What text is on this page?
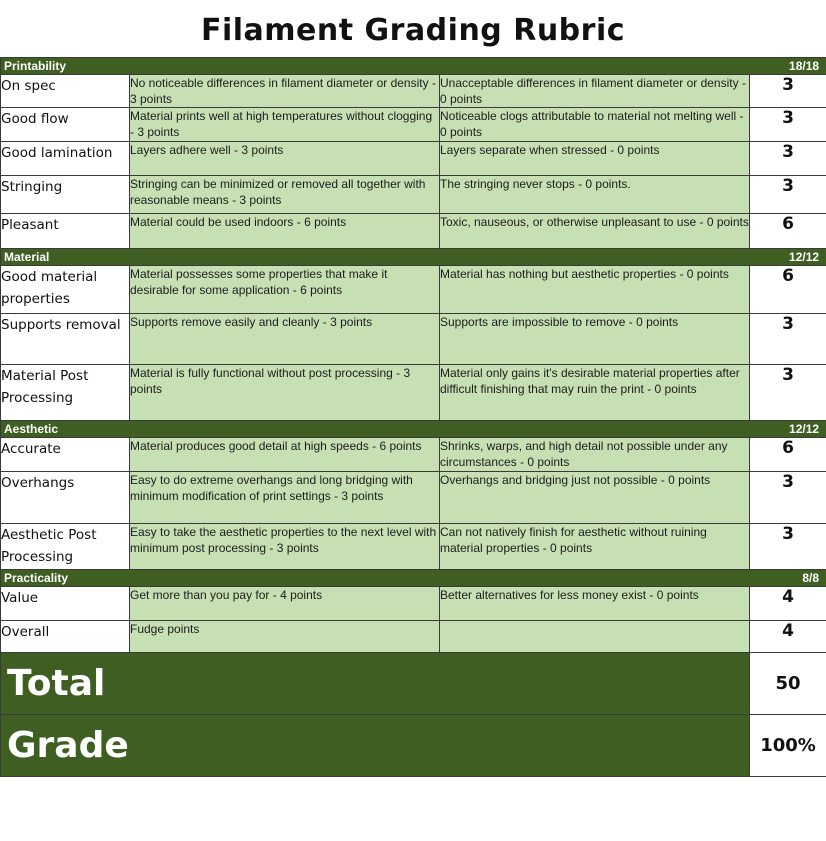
Filament Grading Rubric
Printability 18/18			

On spec	No noticeable differences in filament diameter or density - 3 points	Unacceptable differences in filament diameter or density - 0 points	3
Good flow	Material prints well at high temperatures without clogging - 3 points	Noticeable clogs attributable to material not melting well - 0 points	3
Good lamination	Layers adhere well - 3 points	Layers separate when stressed - 0 points	3
Stringing	Stringing can be minimized or removed all together with reasonable means - 3 points	The stringing never stops - 0 points.	3
Pleasant	Material could be used indoors - 6 points	Toxic, nauseous, or otherwise unpleasant to use - 0 points	6
Material 12/12			

Good material properties	Material possesses some properties that make it desirable for some application - 6 points	Material has nothing but aesthetic properties - 0 points	6
Supports removal	Supports remove easily and cleanly - 3 points	Supports are impossible to remove - 0 points	3
Material Post Processing	Material is fully functional without post processing - 3 points	Material only gains it's desirable material properties after difficult finishing that may ruin the print - 0 points	3
Aesthetic 12/12			

Accurate	Material produces good detail at high speeds - 6 points	Shrinks, warps, and high detail not possible under any circumstances - 0 points	6
Overhangs	Easy to do extreme overhangs and long bridging with minimum modification of print settings - 3 points	Overhangs and bridging just not possible - 0 points	3
Aesthetic Post Processing	Easy to take the aesthetic properties to the next level with minimum post processing - 3 points	Can not natively finish for aesthetic without ruining material properties - 0 points	3
Practicality 8/8			

Value	Get more than you pay for - 4 points	Better alternatives for less money exist - 0 points	4
Overall	Fudge points		4
Total			50
Grade			100%
